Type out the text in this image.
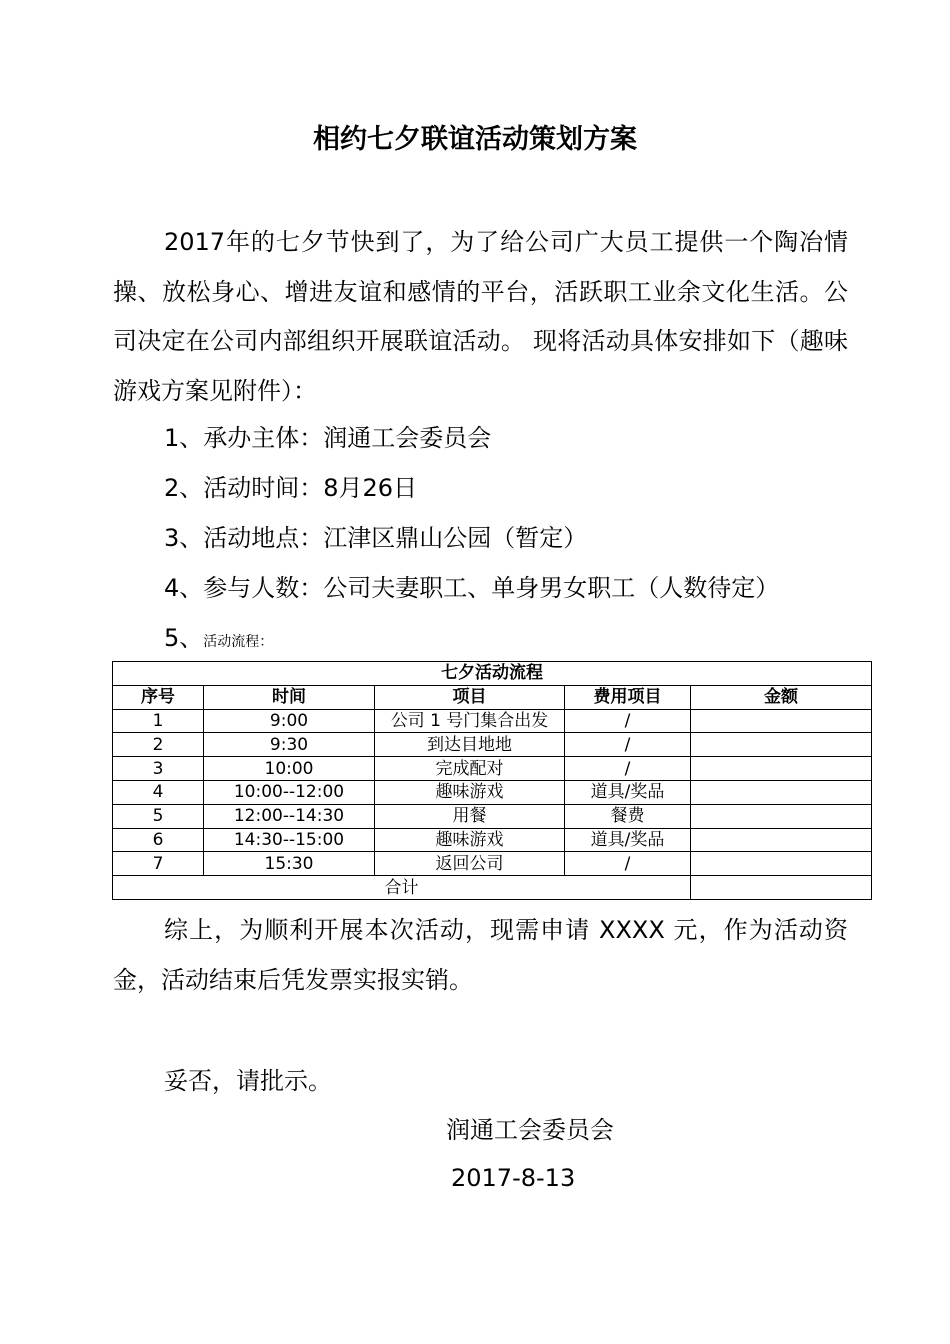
相约七夕联谊活动策划方案
2017年的七夕节快到了，为了给公司广大员工提供一个陶冶情操、放松身心、增进友谊和感情的平台，活跃职工业余文化生活。公司决定在公司内部组织开展联谊活动。 现将活动具体安排如下（趣味游戏方案见附件）：
1、承办主体：润通工会委员会
2、活动时间：8月26日
3、活动地点：江津区鼎山公园（暂定）
4、参与人数：公司夫妻职工、单身男女职工（人数待定）
5、活动流程：
七夕活动流程				
序号	时间	项目	费用项目	金额
1	9:00	公司 1 号门集合出发	/	
2	9:30	到达目地地	/	
3	10:00	完成配对	/	
4	10:00--12:00	趣味游戏	道具/奖品	
5	12:00--14:30	用餐	餐费	
6	14:30--15:00	趣味游戏	道具/奖品	
7	15:30	返回公司	/	
合计				
综上，为顺利开展本次活动，现需申请 XXXX 元，作为活动资金，活动结束后凭发票实报实销。
妥否，请批示。
润通工会委员会
2017-8-13
